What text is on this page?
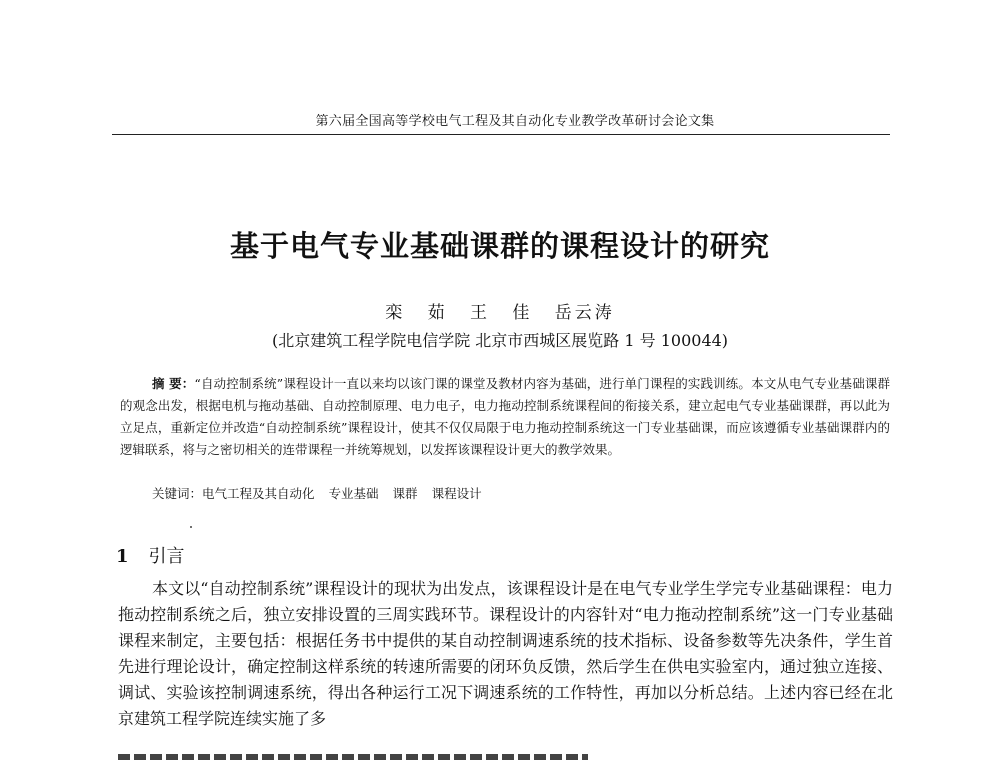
第六届全国高等学校电气工程及其自动化专业教学改革研讨会论文集
基于电气专业基础课群的课程设计的研究
栾 茹 王 佳 岳云涛
(北京建筑工程学院电信学院 北京市西城区展览路 1 号 100044)
摘 要：“自动控制系统”课程设计一直以来均以该门课的课堂及教材内容为基础，进行单门课程的实践训练。本文从电气专业基础课群的观念出发，根据电机与拖动基础、自动控制原理、电力电子，电力拖动控制系统课程间的衔接关系，建立起电气专业基础课群，再以此为立足点，重新定位并改造“自动控制系统”课程设计，使其不仅仅局限于电力拖动控制系统这一门专业基础课，而应该遵循专业基础课群内的逻辑联系，将与之密切相关的连带课程一并统筹规划，以发挥该课程设计更大的教学效果。
关键词：电气工程及其自动化 专业基础 课群 课程设计
1 引言

本文以“自动控制系统”课程设计的现状为出发点，该课程设计是在电气专业学生学完专业基础课程：电力拖动控制系统之后，独立安排设置的三周实践环节。课程设计的内容针对“电力拖动控制系统”这一门专业基础课程来制定，主要包括：根据任务书中提供的某自动控制调速系统的技术指标、设备参数等先决条件，学生首先进行理论设计，确定控制这样系统的转速所需要的闭环负反馈，然后学生在供电实验室内，通过独立连接、调试、实验该控制调速系统，得出各种运行工况下调速系统的工作特性，再加以分析总结。上述内容已经在北京建筑工程学院连续实施了多
